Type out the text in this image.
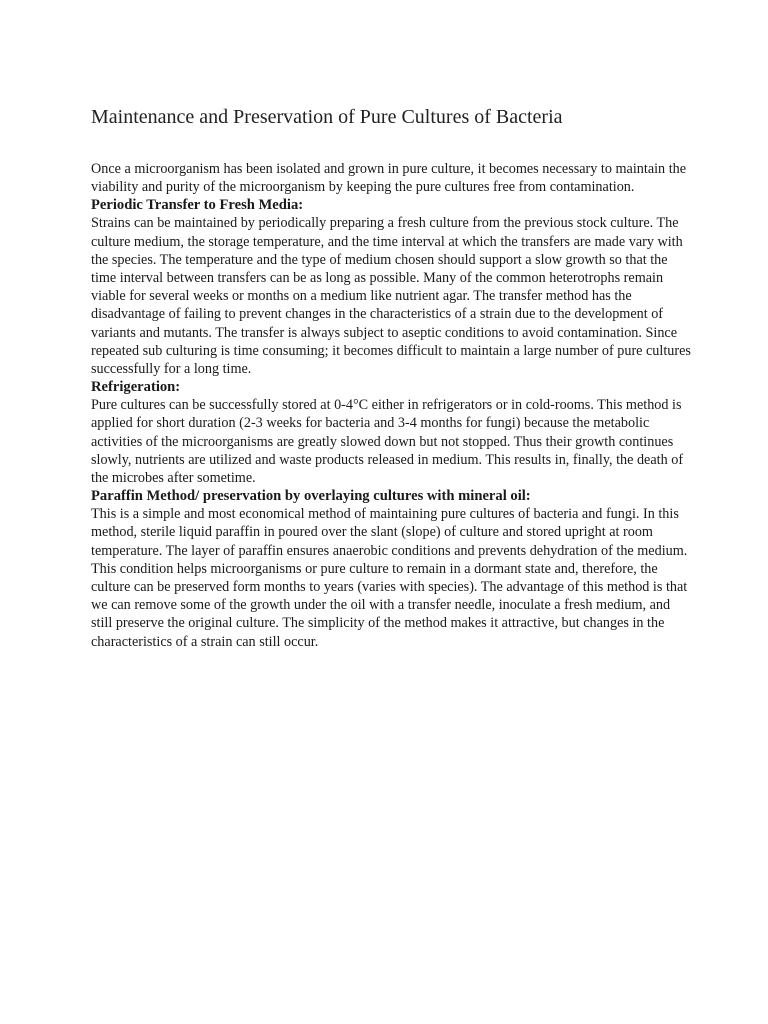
Maintenance and Preservation of Pure Cultures of Bacteria

Once a microorganism has been isolated and grown in pure culture, it becomes necessary to maintain the viability and purity of the microorganism by keeping the pure cultures free from contamination.

Periodic Transfer to Fresh Media:

Strains can be maintained by periodically preparing a fresh culture from the previous stock culture. The culture medium, the storage temperature, and the time interval at which the transfers are made vary with the species. The temperature and the type of medium chosen should support a slow growth so that the time interval between transfers can be as long as possible. Many of the common heterotrophs remain viable for several weeks or months on a medium like nutrient agar. The transfer method has the disadvantage of failing to prevent changes in the characteristics of a strain due to the development of variants and mutants. The transfer is always subject to aseptic conditions to avoid contamination. Since repeated sub culturing is time consuming; it becomes difficult to maintain a large number of pure cultures successfully for a long time.

Refrigeration:

Pure cultures can be successfully stored at 0-4°C either in refrigerators or in cold-rooms. This method is applied for short duration (2-3 weeks for bacteria and 3-4 months for fungi) because the metabolic activities of the microorganisms are greatly slowed down but not stopped. Thus their growth continues slowly, nutrients are utilized and waste products released in medium. This results in, finally, the death of the microbes after sometime.

Paraffin Method/ preservation by overlaying cultures with mineral oil:

This is a simple and most economical method of maintaining pure cultures of bacteria and fungi. In this method, sterile liquid paraffin in poured over the slant (slope) of culture and stored upright at room temperature. The layer of paraffin ensures anaerobic conditions and prevents dehydration of the medium. This condition helps microorganisms or pure culture to remain in a dormant state and, therefore, the culture can be preserved form months to years (varies with species). The advantage of this method is that we can remove some of the growth under the oil with a transfer needle, inoculate a fresh medium, and still preserve the original culture. The simplicity of the method makes it attractive, but changes in the characteristics of a strain can still occur.
